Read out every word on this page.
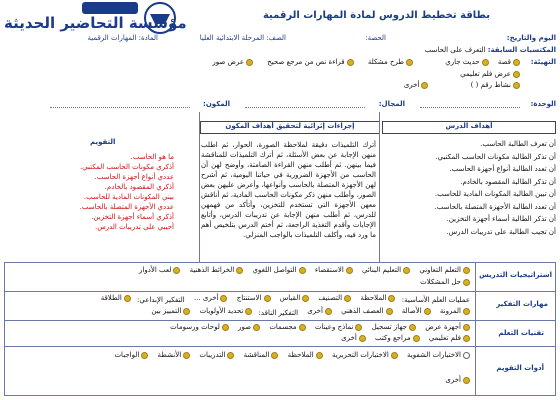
مؤسسة التحاضير الحديثة	بطاقة تخطيط الدروس لمادة المهارات الرقمية
اليوم والتاريخ:
الحصة:
الصف: المرحلة الابتدائية العليا
المادة: المهارات الرقمية
المكتسبات السابقة: التعرف على الحاسب
التهيئة:
قصة

حديث جاري

طرح مشكلة

قراءة نص من مرجع صحيح

عرض صور
عرض فلم تعليمي
نشاط رقم ( )

أخرى
الوحدة:
المجال:
المكون:
أهداف الدرس
إجراءات إثرائية لتحقيق أهداف المكون
التقويم	أن تعرف الطالبة الحاسب.
أن تذكر الطالبة مكونات الحاسب المكتبي.
أن تعدد الطالبة أنواع أجهزة الحاسب.
أن تذكر الطالبة المقصود بالخادم.
أن تبين الطالبة المكونات المادية للحاسب.
أن تعدد الطالبة الأجهزة المتصلة بالحاسب.
أن تذكر الطالبة أسماء أجهزة التخزين.
أن تجيب الطالبة على تدريبات الدرس.
أترك التلميذات دقيقة لملاحظة الصورة، الحوار، ثم اطلب منهن الإجابة عن بعض الأسئلة، ثم أترك التلميذات للمناقشة فيما بينهن. ثم أطلب منهن القراءة الصامتة، وأوضح لهن أن الحاسب من الأجهزة الضرورية في حياتنا اليومية، ثم أشرح لهن الأجهزة المتصلة بالحاسب وأنواعها، وأعرض عليهن بعض الصور، وأطلب منهن ذكر مكونات الحاسب المادية، ثم أناقش معهن الأجهزة التي تستخدم للتخزين، وأتأكد من فهمهن للدرس، ثم أطلب منهن الإجابة عن تدريبات الدرس، وأتابع الإجابات وأقدم التغذية الراجعة، ثم أختم الدرس بتلخيص أهم ما ورد فيه، وأكلف التلميذات بالواجب المنزلي.
ما هو الحاسب.
أذكري مكونات الحاسب المكتبي.
عددي أنواع أجهزة الحاسب.
أذكري المقصود بالخادم.
بيني المكونات المادية للحاسب.
عددي الأجهزة المتصلة بالحاسب.
أذكري أسماء أجهزة التخزين.
أجيبي على تدريبات الدرس.
استراتيجيات التدريس
التعلم التعاوني

التعليم البنائي

الاستقصاء

التواصل اللغوي

الخرائط الذهنية

لعب الأدوار
حل المشكلات
مهارات التفكير
عمليات العلم الأساسية:
الملاحظة

التصنيف

القياس

الاستنتاج

أخرى ...
التفكير الإبداعي:
الطلاقة
المرونة

الأصالة

العصف الذهني

أخرى
التفكير الناقد:
تحديد الأولويات

التمييز بين
تقنيات التعلم
أجهزة عرض

جهاز تسجيل

نماذج وعينات

مجسمات

صور

لوحات ورسومات
فلم تعليمي

مراجع وكتب

أخرى
أدوات التقويم
الاختبارات الشفوية

الاختبارات التحريرية

الملاحظة

المناقشة

التدريبات

الأنشطة

الواجبات
أخرى
